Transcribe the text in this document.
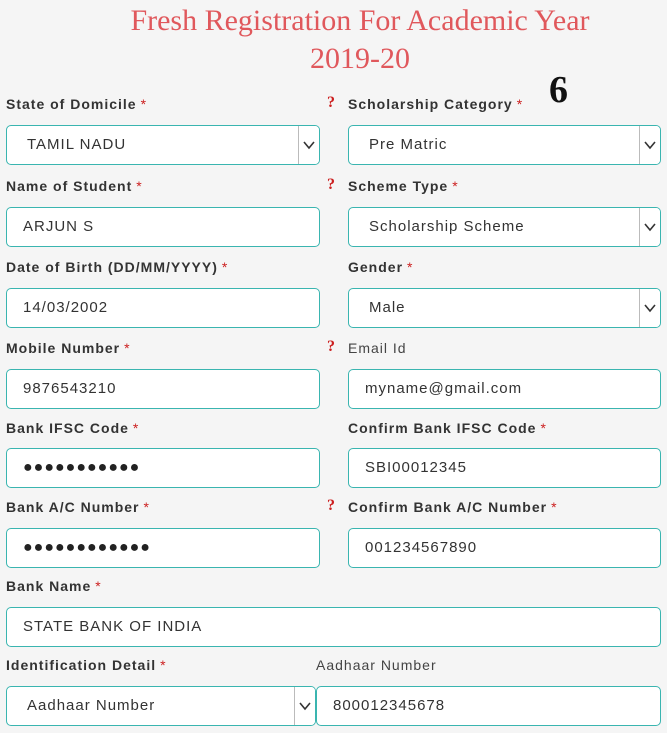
Fresh Registration For Academic Year
2019-20
6
State of Domicile *	? Scholarship Category *
TAMIL NADU	Pre Matric
Name of Student *	? Scheme Type *
ARJUN S	Scholarship Scheme
Date of Birth (DD/MM/YYYY) *	Gender *
14/03/2002	Male
Mobile Number *	? Email Id
9876543210	myname@gmail.com
Bank IFSC Code *	Confirm Bank IFSC Code *
●●●●●●●●●●●	SBI00012345
Bank A/C Number *	? Confirm Bank A/C Number *
●●●●●●●●●●●●	001234567890
Bank Name *
STATE BANK OF INDIA
Identification Detail *	Aadhaar Number
Aadhaar Number	800012345678
